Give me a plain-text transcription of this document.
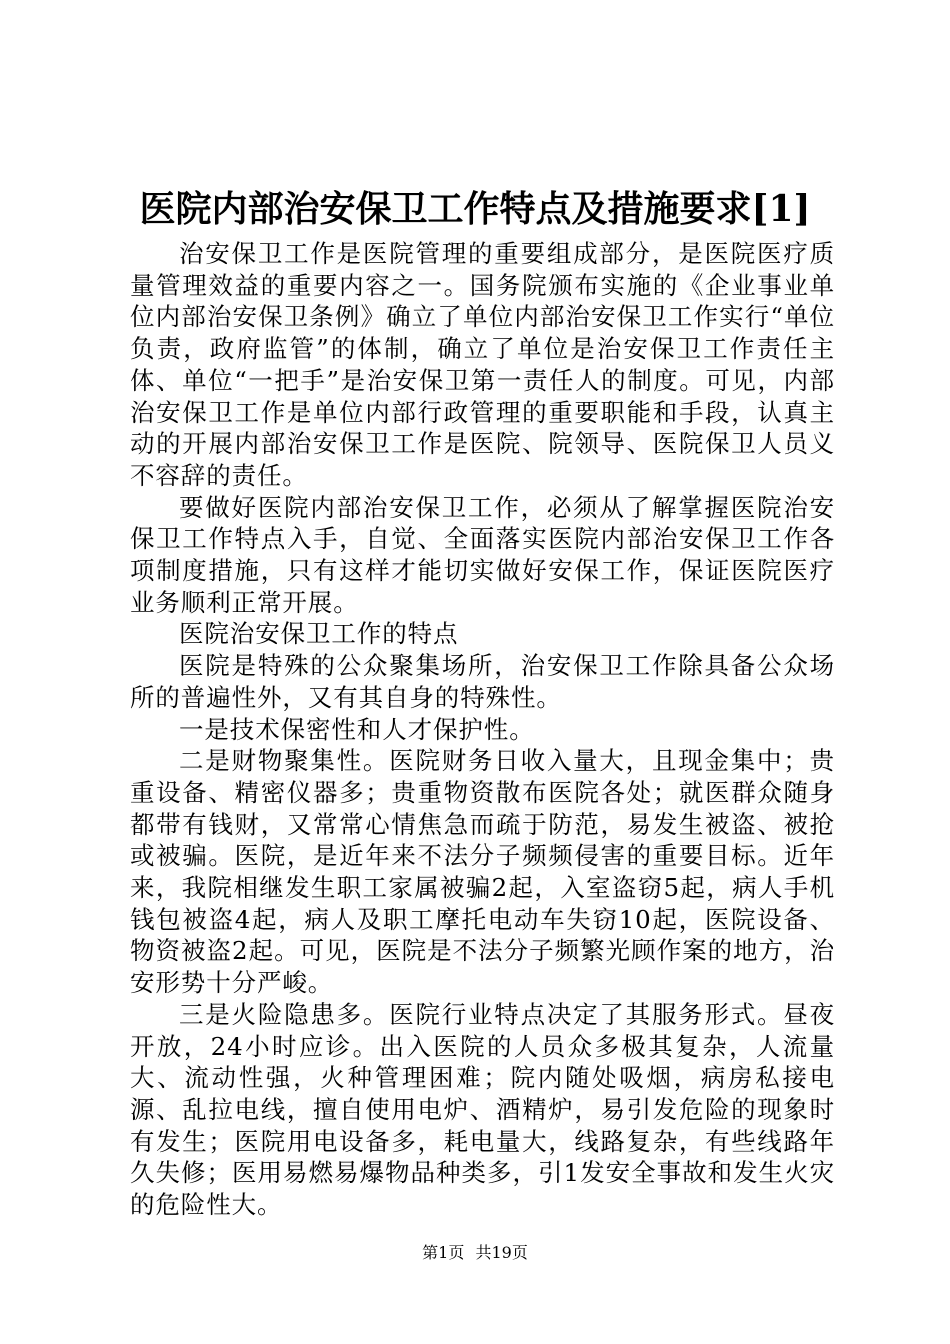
医院内部治安保卫工作特点及措施要求[1]

治安保卫工作是医院管理的重要组成部分，是医院医疗质量管理效益的重要内容之一。国务院颁布实施的《企业事业单位内部治安保卫条例》确立了单位内部治安保卫工作实行“单位负责，政府监管”的体制，确立了单位是治安保卫工作责任主体、单位“一把手”是治安保卫第一责任人的制度。可见，内部治安保卫工作是单位内部行政管理的重要职能和手段，认真主动的开展内部治安保卫工作是医院、院领导、医院保卫人员义不容辞的责任。

要做好医院内部治安保卫工作，必须从了解掌握医院治安保卫工作特点入手，自觉、全面落实医院内部治安保卫工作各项制度措施，只有这样才能切实做好安保工作，保证医院医疗业务顺利正常开展。

医院治安保卫工作的特点

医院是特殊的公众聚集场所，治安保卫工作除具备公众场所的普遍性外，又有其自身的特殊性。

一是技术保密性和人才保护性。

二是财物聚集性。医院财务日收入量大，且现金集中；贵重设备、精密仪器多；贵重物资散布医院各处；就医群众随身都带有钱财，又常常心情焦急而疏于防范，易发生被盗、被抢或被骗。医院，是近年来不法分子频频侵害的重要目标。近年来，我院相继发生职工家属被骗2起，入室盗窃5起，病人手机钱包被盗4起，病人及职工摩托电动车失窃10起，医院设备、物资被盗2起。可见，医院是不法分子频繁光顾作案的地方，治安形势十分严峻。

三是火险隐患多。医院行业特点决定了其服务形式。昼夜开放，24小时应诊。出入医院的人员众多极其复杂，人流量大、流动性强，火种管理困难；院内随处吸烟，病房私接电源、乱拉电线，擅自使用电炉、酒精炉，易引发危险的现象时有发生；医院用电设备多，耗电量大，线路复杂，有些线路年久失修；医用易燃易爆物品种类多，引1发安全事故和发生火灾的危险性大。

第1页 共19页
